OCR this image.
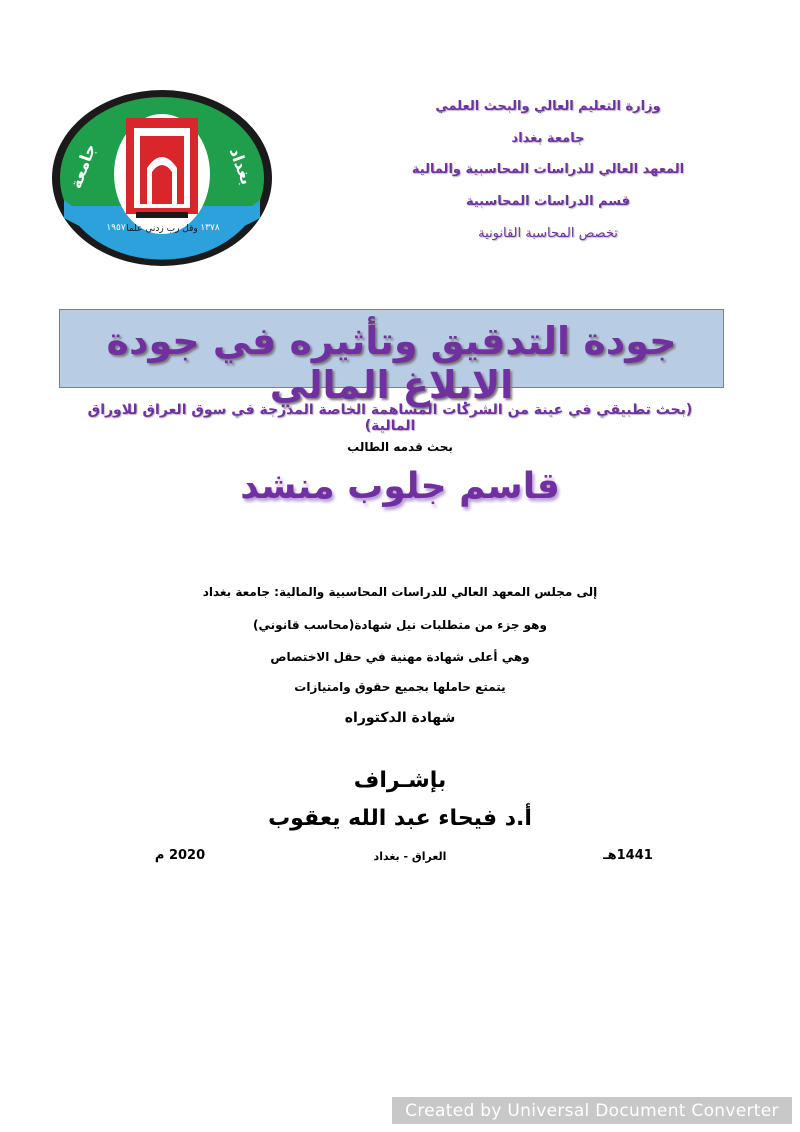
وقل رب زدني علما
١٩٥٧	١٣٧٨
جامعة	بغداد
وزارة التعليم العالي والبحث العلمي
جامعة بغداد
المعهد العالي للدراسات المحاسبية والمالية
قسم الدراسات المحاسبية
تخصص المحاسبة القانونية
جودة التدقيق وتأثيره في جودة الابلاغ المالي
(بحث تطبيقي في عينة من الشركات المساهمة الخاصة المدرجة في سوق العراق للاوراق المالية)
بحث قدمه الطالب
قاسم جلوب منشد
إلى مجلس المعهد العالي للدراسات المحاسبية والمالية: جامعة بغداد
وهو جزء من متطلبات نيل شهادة(محاسب قانوني)
وهي أعلى شهادة مهنية في حقل الاختصاص
يتمتع حاملها بجميع حقوق وامتيازات
شهادة الدكتوراه
بإشـراف
أ.د فيحاء عبد الله يعقوب
1441هـ
العراق - بغداد
2020 م
Created by Universal Document Converter
